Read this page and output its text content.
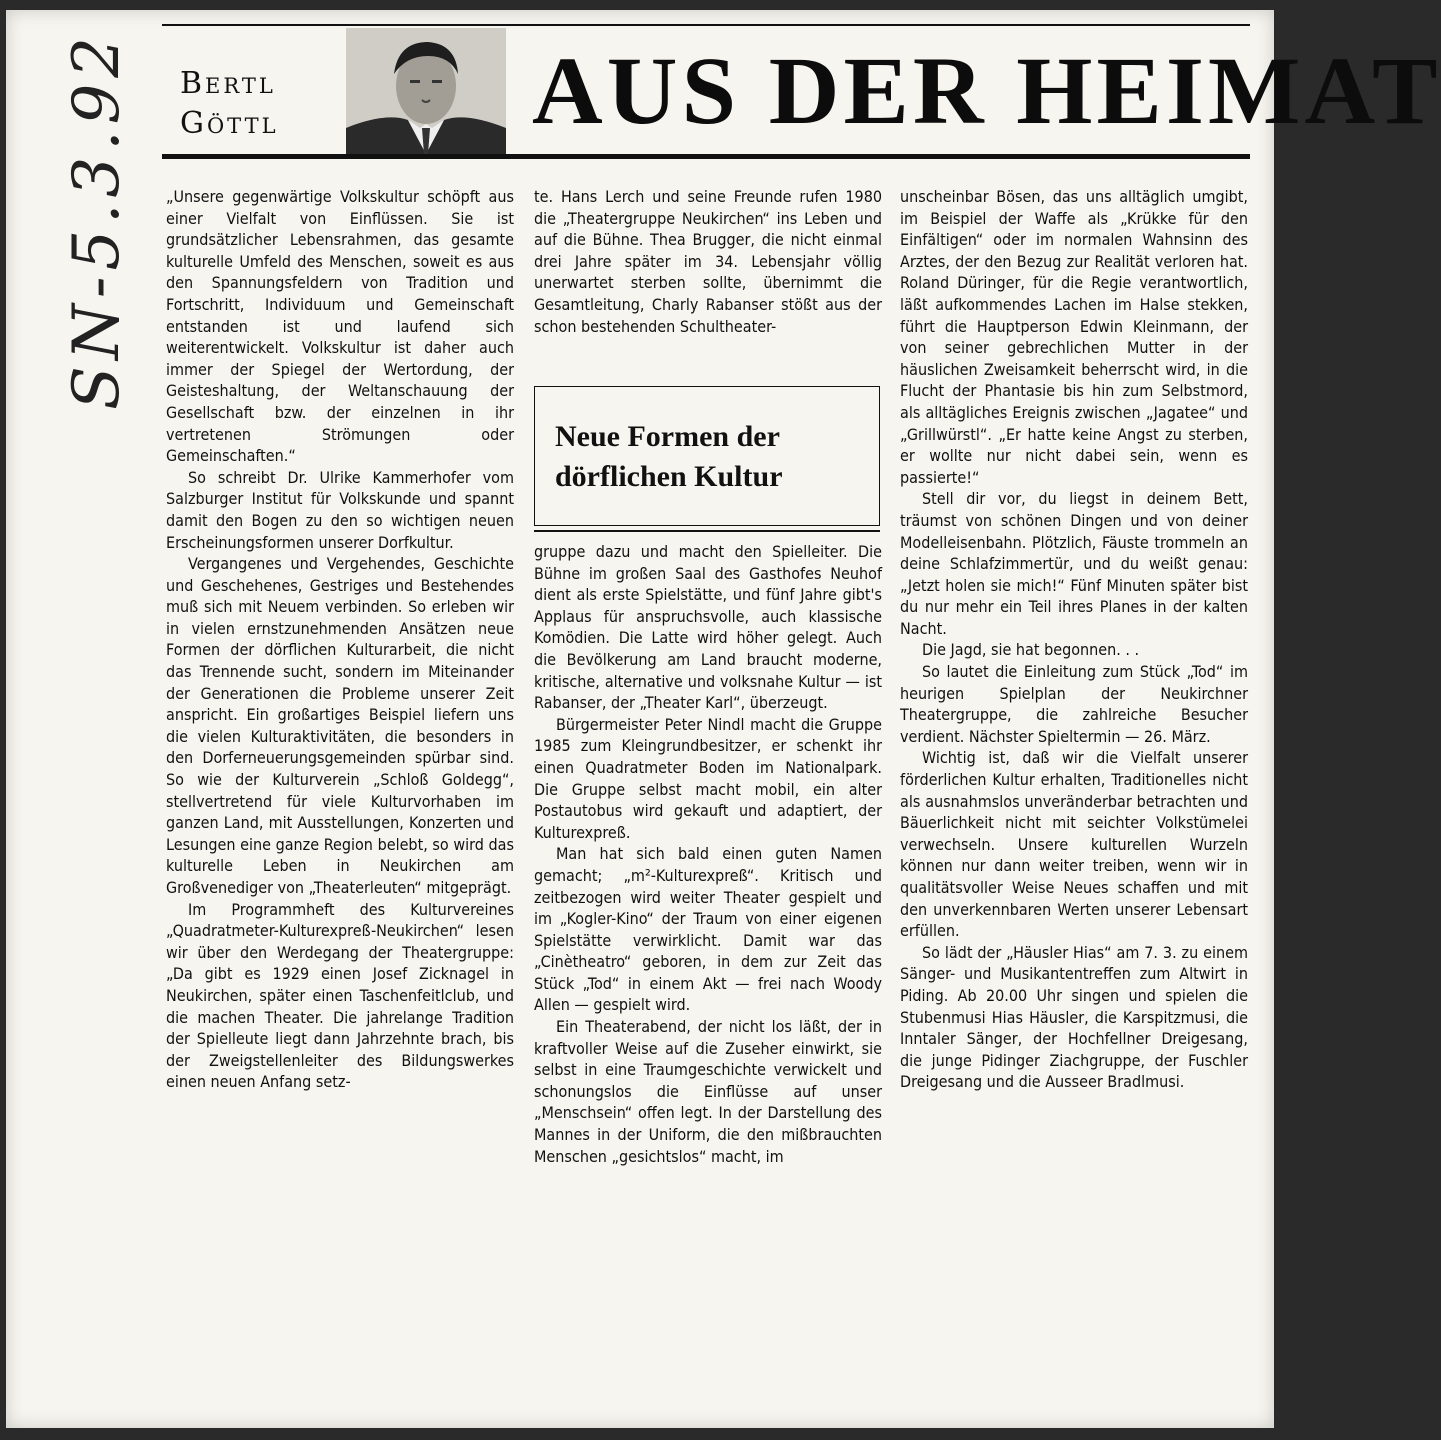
SN-5.3.92 Bertl
Göttl	AUS DER HEIMAT

„Unsere gegenwärtige Volkskultur schöpft aus einer Vielfalt von Einflüssen. Sie ist grundsätzlicher Lebensrahmen, das gesamte kulturelle Umfeld des Menschen, soweit es aus den Spannungsfeldern von Tradition und Fortschritt, Individuum und Gemeinschaft entstanden ist und laufend sich weiterentwickelt. Volkskultur ist daher auch immer der Spiegel der Wertordung, der Geisteshaltung, der Weltanschauung der Gesellschaft bzw. der einzelnen in ihr vertretenen Strömungen oder Gemeinschaften.“

So schreibt Dr. Ulrike Kammerhofer vom Salzburger Institut für Volkskunde und spannt damit den Bogen zu den so wichtigen neuen Erscheinungsformen unserer Dorfkultur.

Vergangenes und Vergehendes, Geschichte und Geschehenes, Gestriges und Bestehendes muß sich mit Neuem verbinden. So erleben wir in vielen ernstzunehmenden Ansätzen neue Formen der dörflichen Kulturarbeit, die nicht das Trennende sucht, sondern im Miteinander der Generationen die Probleme unserer Zeit anspricht. Ein großartiges Beispiel liefern uns die vielen Kulturaktivitäten, die besonders in den Dorferneuerungsgemeinden spürbar sind. So wie der Kulturverein „Schloß Goldegg“, stellvertretend für viele Kulturvorhaben im ganzen Land, mit Ausstellungen, Konzerten und Lesungen eine ganze Region belebt, so wird das kulturelle Leben in Neukirchen am Großvenediger von „Theaterleuten“ mitgeprägt.

Im Programmheft des Kulturvereines „Quadratmeter-Kulturexpreß-Neukirchen“ lesen wir über den Werdegang der Theatergruppe: „Da gibt es 1929 einen Josef Zicknagel in Neukirchen, später einen Taschenfeitlclub, und die machen Theater. Die jahrelange Tradition der Spielleute liegt dann Jahrzehnte brach, bis der Zweigstellenleiter des Bildungswerkes einen neuen Anfang setz-

te. Hans Lerch und seine Freunde rufen 1980 die „Theatergruppe Neukirchen“ ins Leben und auf die Bühne. Thea Brugger, die nicht einmal drei Jahre später im 34. Lebensjahr völlig unerwartet sterben sollte, übernimmt die Gesamtleitung, Charly Rabanser stößt aus der schon bestehenden Schultheater-

Neue Formen der
dörflichen Kultur

gruppe dazu und macht den Spielleiter. Die Bühne im großen Saal des Gasthofes Neuhof dient als erste Spielstätte, und fünf Jahre gibt's Applaus für anspruchsvolle, auch klassische Komödien. Die Latte wird höher gelegt. Auch die Bevölkerung am Land braucht moderne, kritische, alternative und volksnahe Kultur — ist Rabanser, der „Theater Karl“, überzeugt.

Bürgermeister Peter Nindl macht die Gruppe 1985 zum Kleingrundbesitzer, er schenkt ihr einen Quadratmeter Boden im Nationalpark. Die Gruppe selbst macht mobil, ein alter Postautobus wird gekauft und adaptiert, der Kulturexpreß.

Man hat sich bald einen guten Namen gemacht; „m²-Kulturexpreß“. Kritisch und zeitbezogen wird weiter Theater gespielt und im „Kogler-Kino“ der Traum von einer eigenen Spielstätte verwirklicht. Damit war das „Cinètheatro“ geboren, in dem zur Zeit das Stück „Tod“ in einem Akt — frei nach Woody Allen — gespielt wird.

Ein Theaterabend, der nicht los läßt, der in kraftvoller Weise auf die Zuseher einwirkt, sie selbst in eine Traumgeschichte verwickelt und schonungslos die Einflüsse auf unser „Menschsein“ offen legt. In der Darstellung des Mannes in der Uniform, die den mißbrauchten Menschen „gesichtslos“ macht, im

unscheinbar Bösen, das uns alltäglich umgibt, im Beispiel der Waffe als „Krükke für den Einfältigen“ oder im normalen Wahnsinn des Arztes, der den Bezug zur Realität verloren hat. Roland Düringer, für die Regie verantwortlich, läßt aufkommendes Lachen im Halse stekken, führt die Hauptperson Edwin Kleinmann, der von seiner gebrechlichen Mutter in der häuslichen Zweisamkeit beherrscht wird, in die Flucht der Phantasie bis hin zum Selbstmord, als alltägliches Ereignis zwischen „Jagatee“ und „Grillwürstl“. „Er hatte keine Angst zu sterben, er wollte nur nicht dabei sein, wenn es passierte!“

Stell dir vor, du liegst in deinem Bett, träumst von schönen Dingen und von deiner Modelleisenbahn. Plötzlich, Fäuste trommeln an deine Schlafzimmertür, und du weißt genau: „Jetzt holen sie mich!“ Fünf Minuten später bist du nur mehr ein Teil ihres Planes in der kalten Nacht.

Die Jagd, sie hat begonnen. . .

So lautet die Einleitung zum Stück „Tod“ im heurigen Spielplan der Neukirchner Theatergruppe, die zahlreiche Besucher verdient. Nächster Spieltermin — 26. März.

Wichtig ist, daß wir die Vielfalt unserer förderlichen Kultur erhalten, Traditionelles nicht als ausnahmslos unveränderbar betrachten und Bäuerlichkeit nicht mit seichter Volkstümelei verwechseln. Unsere kulturellen Wurzeln können nur dann weiter treiben, wenn wir in qualitätsvoller Weise Neues schaffen und mit den unverkennbaren Werten unserer Lebensart erfüllen.

So lädt der „Häusler Hias“ am 7. 3. zu einem Sänger- und Musikantentreffen zum Altwirt in Piding. Ab 20.00 Uhr singen und spielen die Stubenmusi Hias Häusler, die Karspitzmusi, die Inntaler Sänger, der Hochfellner Dreigesang, die junge Pidinger Ziachgruppe, der Fuschler Dreigesang und die Ausseer Bradlmusi.
